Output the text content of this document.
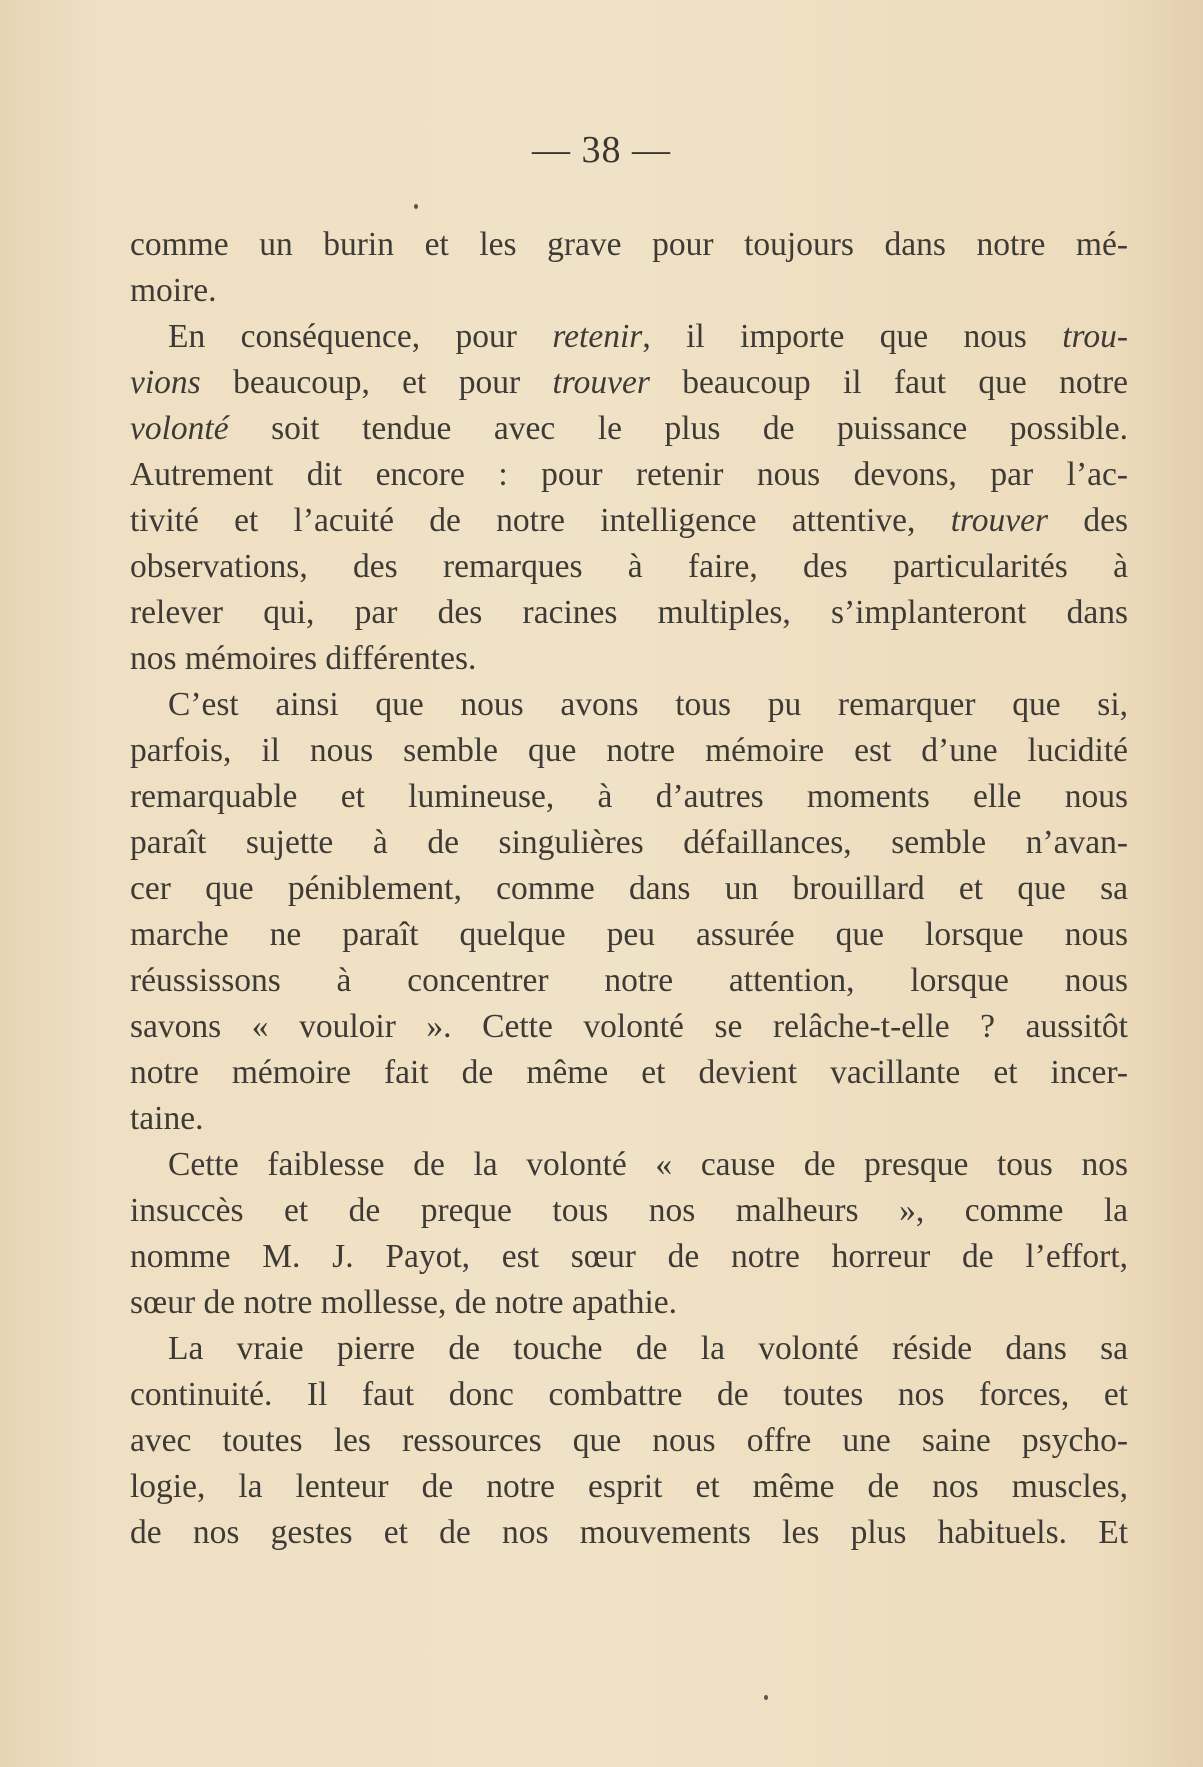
— 38 —
comme un burin et les grave pour toujours dans notre mé-
moire.
En conséquence, pour retenir, il importe que nous trou-
vions beaucoup, et pour trouver beaucoup il faut que notre
volonté soit tendue avec le plus de puissance possible.
Autrement dit encore : pour retenir nous devons, par l’ac-
tivité et l’acuité de notre intelligence attentive, trouver des
observations, des remarques à faire, des particularités à
relever qui, par des racines multiples, s’implanteront dans
nos mémoires différentes.
C’est ainsi que nous avons tous pu remarquer que si,
parfois, il nous semble que notre mémoire est d’une lucidité
remarquable et lumineuse, à d’autres moments elle nous
paraît sujette à de singulières défaillances, semble n’avan-
cer que péniblement, comme dans un brouillard et que sa
marche ne paraît quelque peu assurée que lorsque nous
réussissons à concentrer notre attention, lorsque nous
savons « vouloir ». Cette volonté se relâche-t-elle ? aussitôt
notre mémoire fait de même et devient vacillante et incer-
taine.
Cette faiblesse de la volonté « cause de presque tous nos
insuccès et de preque tous nos malheurs », comme la
nomme M. J. Payot, est sœur de notre horreur de l’effort,
sœur de notre mollesse, de notre apathie.
La vraie pierre de touche de la volonté réside dans sa
continuité. Il faut donc combattre de toutes nos forces, et
avec toutes les ressources que nous offre une saine psycho-
logie, la lenteur de notre esprit et même de nos muscles,
de nos gestes et de nos mouvements les plus habituels. Et
